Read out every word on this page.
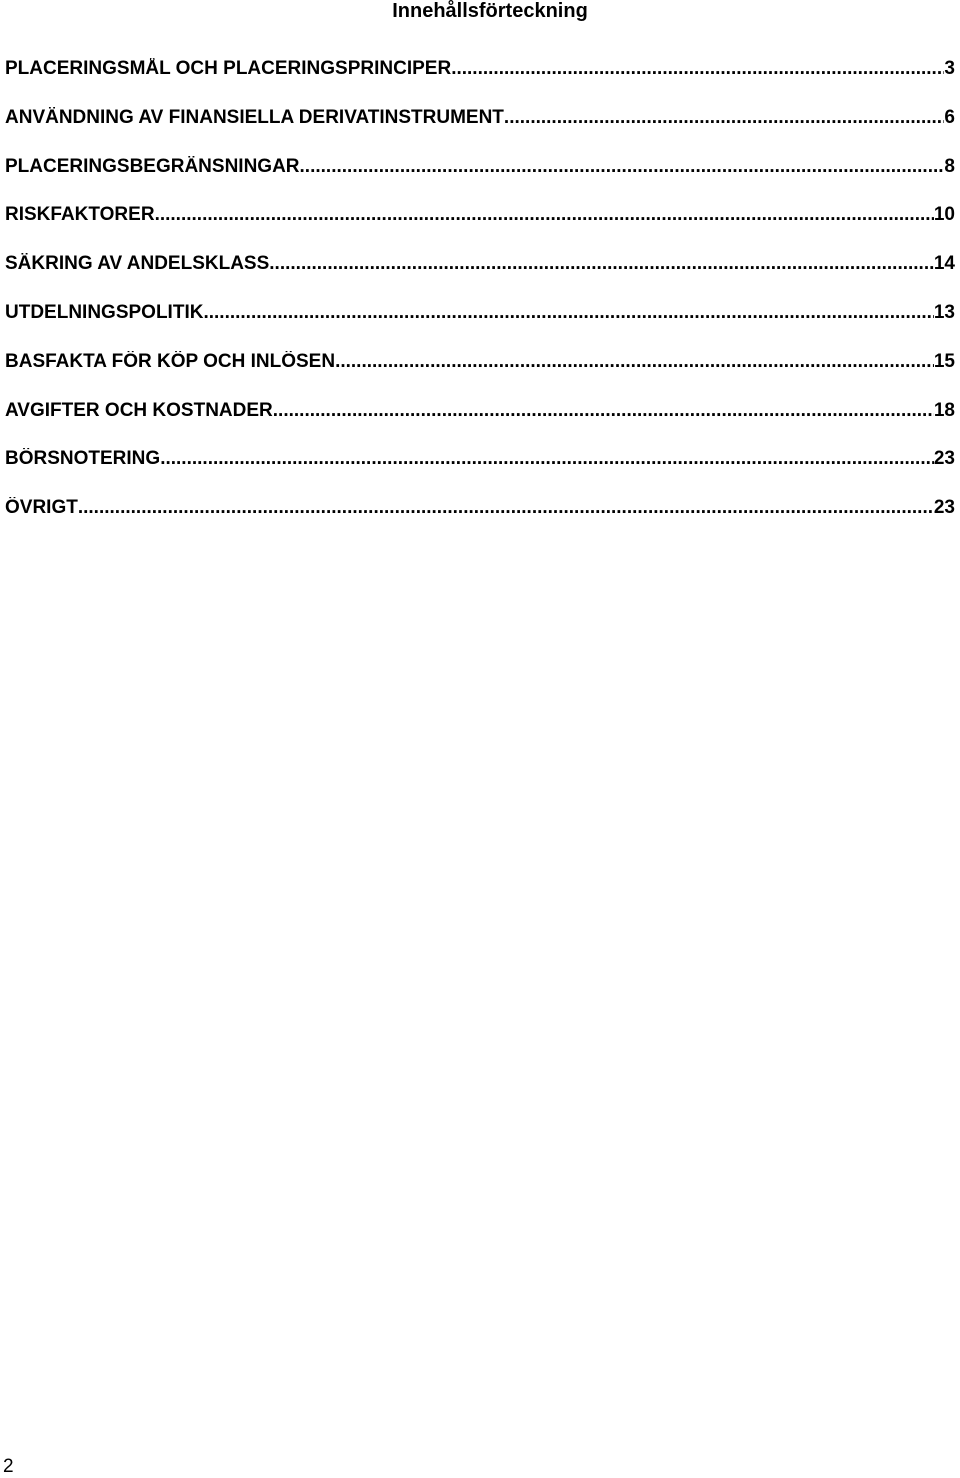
Innehållsförteckning
PLACERINGSMÅL OCH PLACERINGSPRINCIPER .....	3
ANVÄNDNING AV FINANSIELLA DERIVATINSTRUMENT .....	6
PLACERINGSBEGRÄNSNINGAR .....	8
RISKFAKTORER .....	10
SÄKRING AV ANDELSKLASS .....	14
UTDELNINGSPOLITIK .....	13
BASFAKTA FÖR KÖP OCH INLÖSEN .....	15
AVGIFTER OCH KOSTNADER .....	18
BÖRSNOTERING .....	23
ÖVRIGT .....	23
2
